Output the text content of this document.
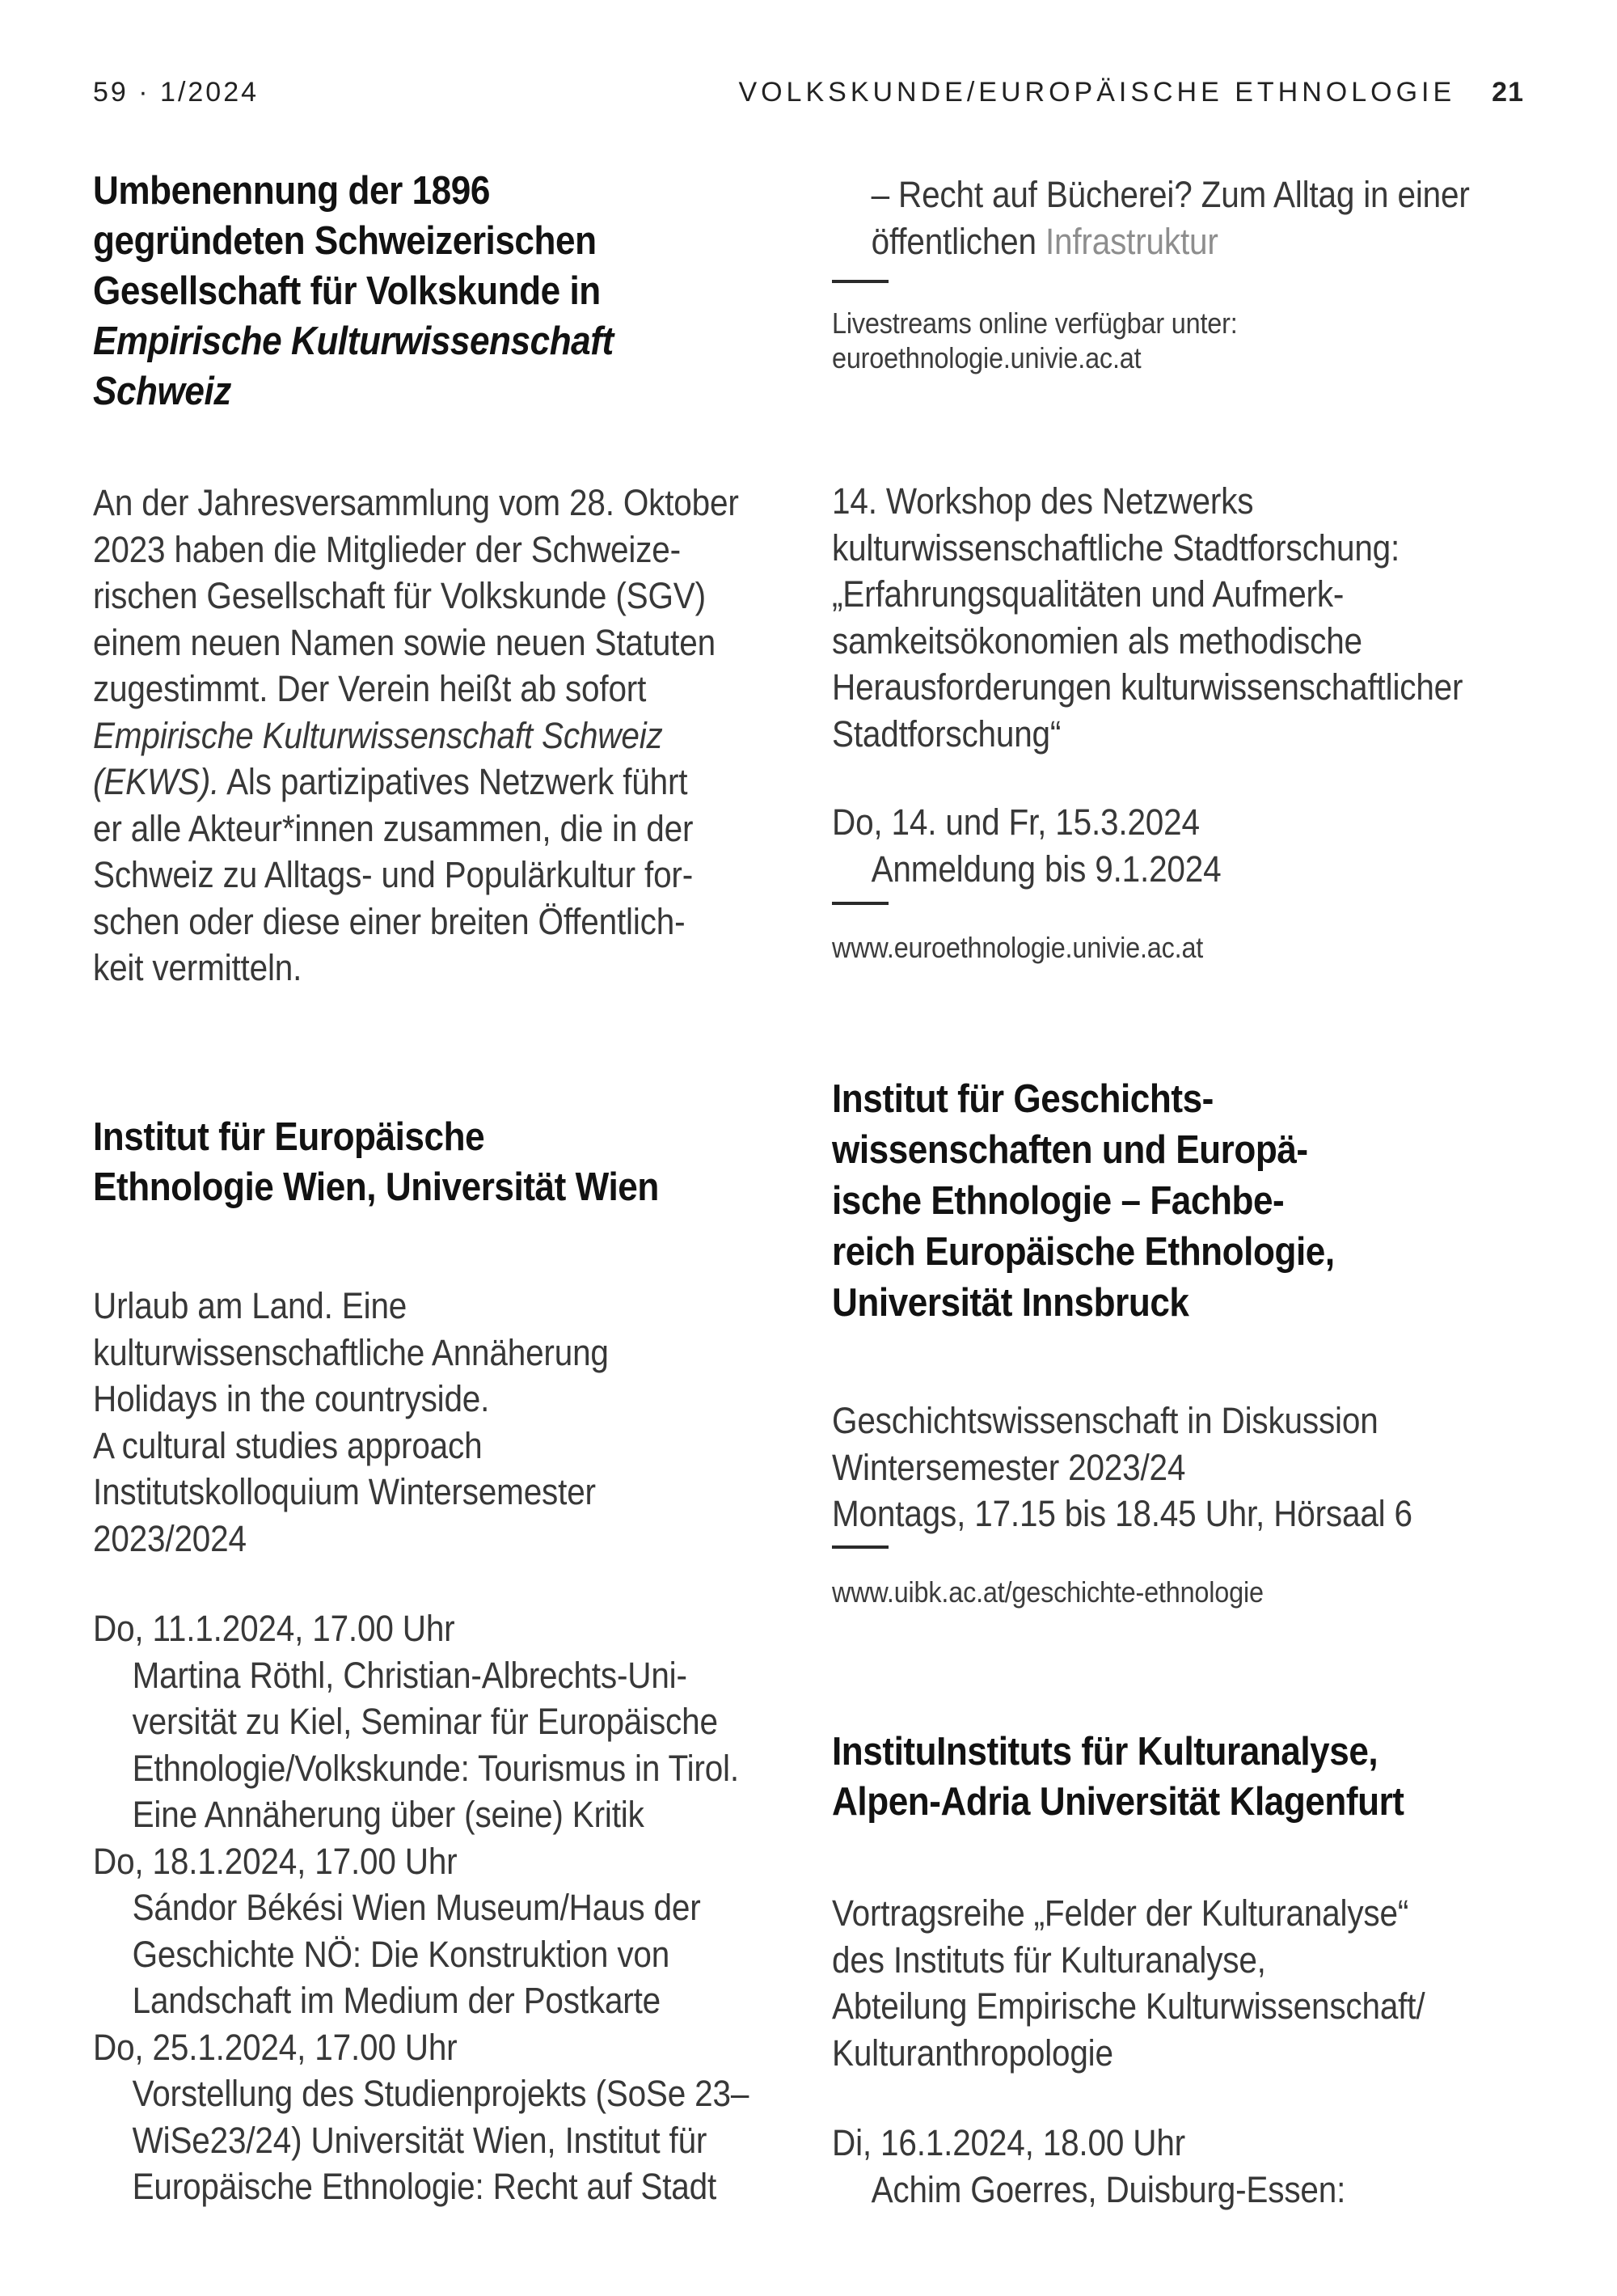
59 · 1/2024	VOLKSKUNDE/EUROPÄISCHE ETHNOLOGIE 21
Umbenennung der 1896
gegründeten Schweizerischen
Gesellschaft für Volkskunde in
Empirische Kulturwissenschaft
Schweiz
An der Jahresversammlung vom 28. Oktober
2023 haben die Mitglieder der Schweize-
rischen Gesellschaft für Volkskunde (SGV)
einem neuen Namen sowie neuen Statuten
zugestimmt. Der Verein heißt ab sofort
Empirische Kulturwissenschaft Schweiz
(EKWS). Als partizipatives Netzwerk führt
er alle Akteur*innen zusammen, die in der
Schweiz zu Alltags- und Populärkultur for-
schen oder diese einer breiten Öffentlich-
keit vermitteln.
Institut für Europäische
Ethnologie Wien, Universität Wien
Urlaub am Land. Eine
kulturwissenschaftliche Annäherung
Holidays in the countryside.
A cultural studies approach
Institutskolloquium Wintersemester
2023/2024
Do, 11.1.2024, 17.00 Uhr
Martina Röthl, Christian-Albrechts-Uni-
versität zu Kiel, Seminar für Europäische
Ethnologie/Volkskunde: Tourismus in Tirol.
Eine Annäherung über (seine) Kritik
Do, 18.1.2024, 17.00 Uhr
Sándor Békési Wien Museum/Haus der
Geschichte NÖ: Die Konstruktion von
Landschaft im Medium der Postkarte
Do, 25.1.2024, 17.00 Uhr
Vorstellung des Studienprojekts (SoSe 23–
WiSe23/24) Universität Wien, Institut für
Europäische Ethnologie: Recht auf Stadt
– Recht auf Bücherei? Zum Alltag in einer
öffentlichen Infrastruktur
Livestreams online verfügbar unter:
euroethnologie.univie.ac.at
14. Workshop des Netzwerks
kulturwissenschaftliche Stadtforschung:
„Erfahrungsqualitäten und Aufmerk-
samkeitsökonomien als methodische
Herausforderungen kulturwissenschaftlicher
Stadtforschung“
Do, 14. und Fr, 15.3.2024
Anmeldung bis 9.1.2024
www.euroethnologie.univie.ac.at
Institut für Geschichts-
wissenschaften und Europä-
ische Ethnologie – Fachbe-
reich Europäische Ethnologie,
Universität Innsbruck
Geschichtswissenschaft in Diskussion
Wintersemester 2023/24
Montags, 17.15 bis 18.45 Uhr, Hörsaal 6
www.uibk.ac.at/geschichte-ethnologie
InstituInstituts für Kulturanalyse,
Alpen-Adria Universität Klagenfurt
Vortragsreihe „Felder der Kulturanalyse“
des Instituts für Kulturanalyse,
Abteilung Empirische Kulturwissenschaft/
Kulturanthropologie
Di, 16.1.2024, 18.00 Uhr
Achim Goerres, Duisburg-Essen:
